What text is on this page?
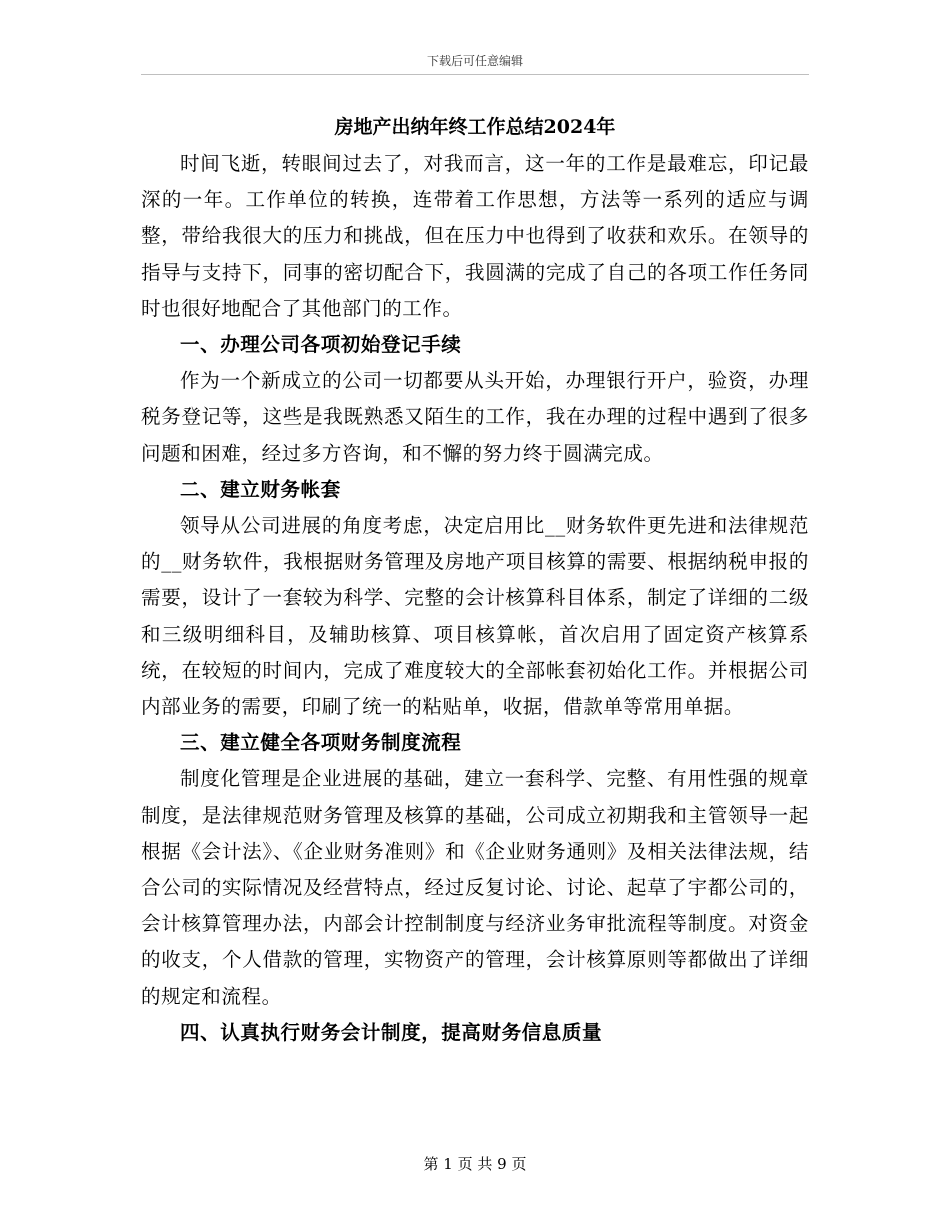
下载后可任意编辑
房地产出纳年终工作总结2024年

时间飞逝，转眼间过去了，对我而言，这一年的工作是最难忘，印记最深的一年。工作单位的转换，连带着工作思想，方法等一系列的适应与调整，带给我很大的压力和挑战，但在压力中也得到了收获和欢乐。在领导的指导与支持下，同事的密切配合下，我圆满的完成了自己的各项工作任务同时也很好地配合了其他部门的工作。

一、办理公司各项初始登记手续

作为一个新成立的公司一切都要从头开始，办理银行开户，验资，办理税务登记等，这些是我既熟悉又陌生的工作，我在办理的过程中遇到了很多问题和困难，经过多方咨询，和不懈的努力终于圆满完成。

二、建立财务帐套

领导从公司进展的角度考虑，决定启用比__财务软件更先进和法律规范的__财务软件，我根据财务管理及房地产项目核算的需要、根据纳税申报的需要，设计了一套较为科学、完整的会计核算科目体系，制定了详细的二级和三级明细科目，及辅助核算、项目核算帐，首次启用了固定资产核算系统，在较短的时间内，完成了难度较大的全部帐套初始化工作。并根据公司内部业务的需要，印刷了统一的粘贴单，收据，借款单等常用单据。

三、建立健全各项财务制度流程

制度化管理是企业进展的基础，建立一套科学、完整、有用性强的规章制度，是法律规范财务管理及核算的基础，公司成立初期我和主管领导一起根据《会计法》、《企业财务准则》和《企业财务通则》及相关法律法规，结合公司的实际情况及经营特点，经过反复讨论、讨论、起草了宇都公司的，会计核算管理办法，内部会计控制制度与经济业务审批流程等制度。对资金的收支，个人借款的管理，实物资产的管理，会计核算原则等都做出了详细的规定和流程。

四、认真执行财务会计制度，提高财务信息质量

第 1 页 共 9 页
